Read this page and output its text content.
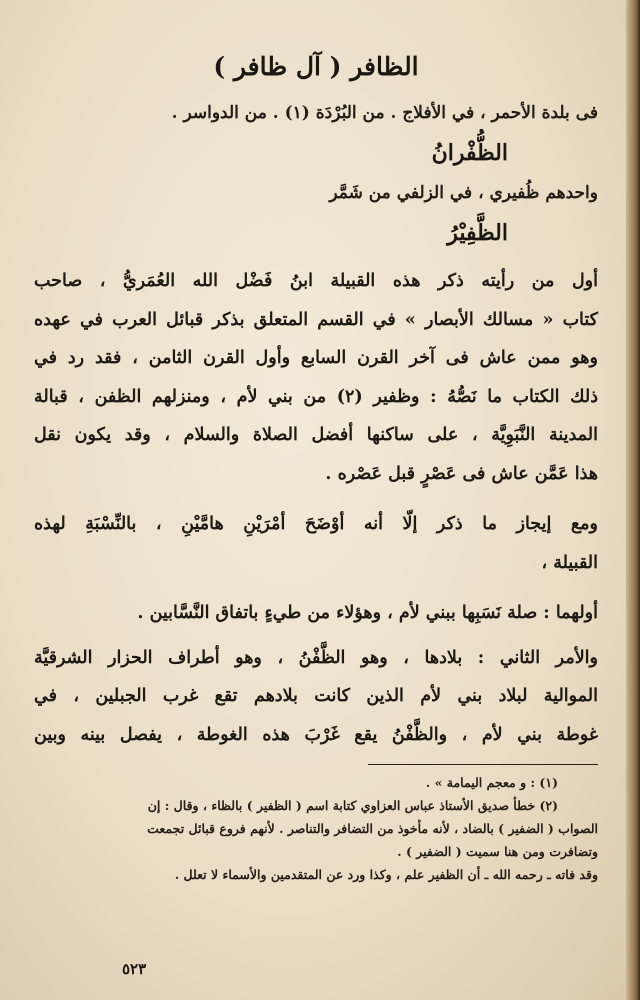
الظافر ( آل ظافر )

فى بلدة الأحمر ، في الأفلاج . من البُرْدَة (١) . من الدواسر .

الظُّفْرانُ

واحدهم ظُفيري ، في الزلفي من شَمَّر

الظَّفِيْرُ

أول من رأيته ذكر هذه القبيلة ابنُ فَضْل الله العُمَريُّ ، صاحب

كتاب « مسالك الأبصار » في القسم المتعلق بذكر قبائل العرب في عهده

وهو ممن عاش فى آخر القرن السابع وأول القرن الثامن ، فقد رد في

ذلك الكتاب ما نَصُّهُ : وظفير (٢) من بني لأم ، ومنزلهم الظفن ، قبالة

المدينة النَّبَوِيَّة ، على ساكنها أفضل الصلاة والسلام ، وقد يكون نقل

هذا عَمَّن عاش فى عَصْرٍ قبل عَصْره .

ومع إيجاز ما ذكر إلّا أنه أوْضَحَ أمْرَيْنِ هامَّيْنِ ، بالنِّسْبَةِ لهذه

القبيلة ،

أولهما : صلة نَسَبِها ببني لأم ، وهؤلاء من طيءٍ باتفاق النَّسَّابين .

والأمر الثاني : بلادها ، وهو الظَّفْنُ ، وهو أطراف الحزار الشرقيَّة

الموالية لبلاد بني لأم الذين كانت بلادهم تقع غرب الجبلين ، في

غوطة بني لأم ، والظَّفْنُ يقع غَرْبَ هذه الغوطة ، يفصل بينه وبين

(١) : و معجم اليمامة » .

(٢) خطأ صديق الأستاذ عباس العزاوي كتابة اسم ( الظفير ) بالظاء ، وقال : إن

الصواب ( الضفير ) بالضاد ، لأنه مأخوذ من التضافر والتناصر . لأنهم فروع قبائل تجمعت

وتضافرت ومن هنا سميت ( الضفير ) .

وقد فاته ـ رحمه الله ـ أن الظفير علم ، وكذا ورد عن المتقدمين والأسماء لا تعلل .

٥٢٣
